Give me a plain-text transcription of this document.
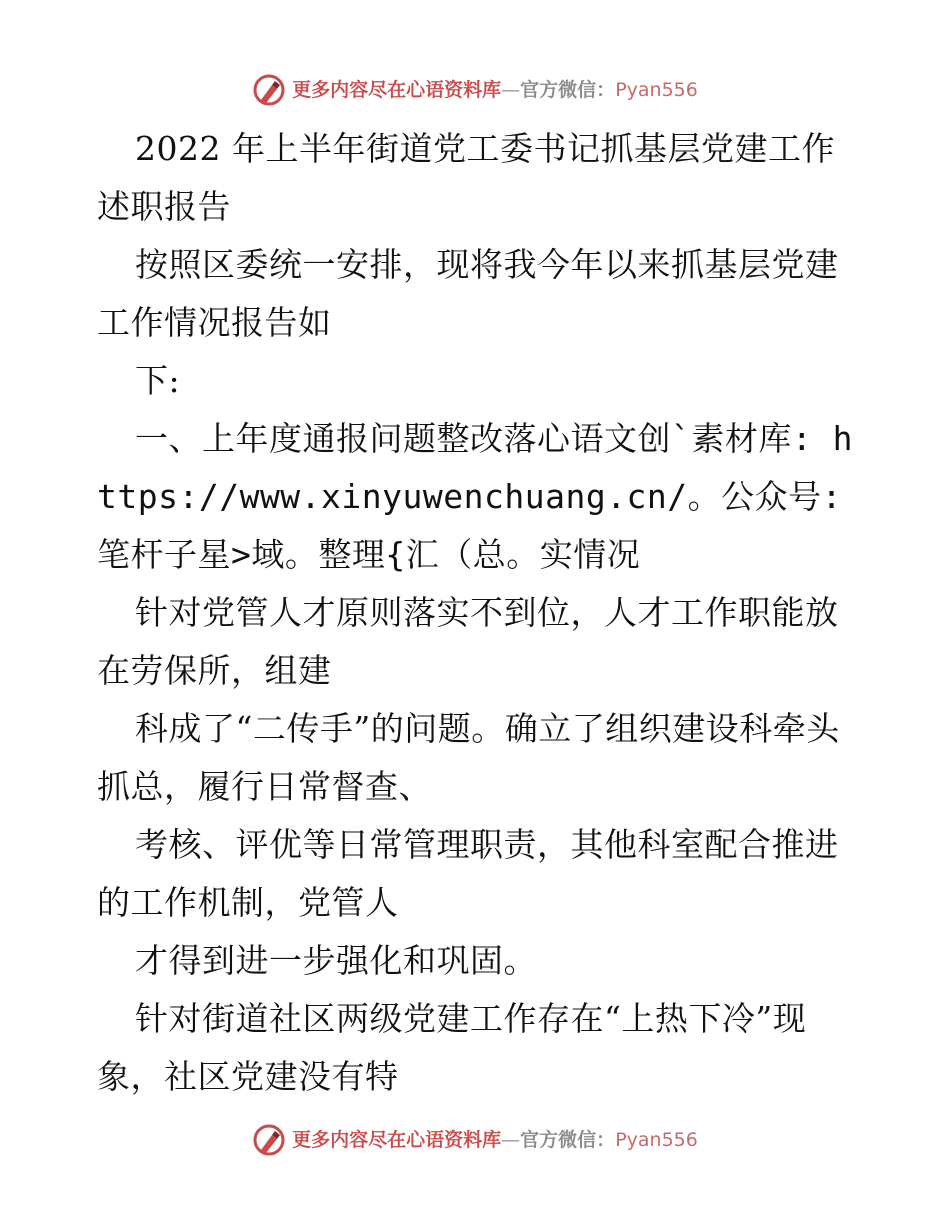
更多内容尽在心语资料库 — 官方微信： Pyan556

2022 年上半年街道党工委书记抓基层党建工作述职报告

按照区委统一安排，现将我今年以来抓基层党建工作情况报告如

下:

一、上年度通报问题整改落心语文创`素材库: https://www.xinyuwenchuang.cn/。公众号: 笔杆子星>域。整理{汇（总。实情况

针对党管人才原则落实不到位，人才工作职能放在劳保所，组建

科成了“二传手”的问题。确立了组织建设科牵头抓总，履行日常督查、

考核、评优等日常管理职责，其他科室配合推进的工作机制，党管人

才得到进一步强化和巩固。

针对街道社区两级党建工作存在“上热下冷”现象，社区党建没有特

更多内容尽在心语资料库 — 官方微信： Pyan556
